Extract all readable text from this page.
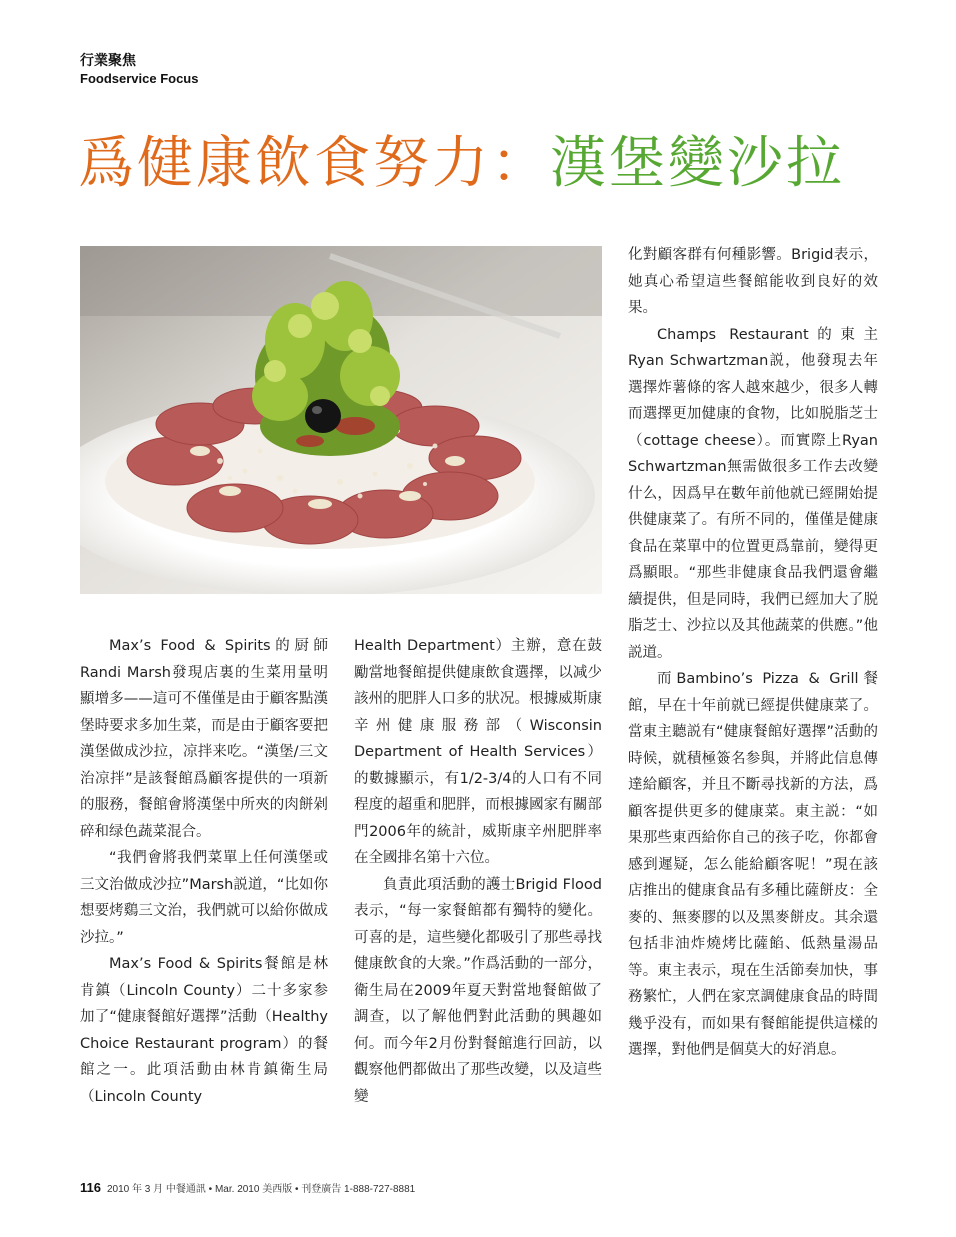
行業聚焦
Foodservice Focus
爲健康飲食努力：漢堡變沙拉

Max’s Food & Spirits的厨師Randi Marsh發現店裏的生菜用量明顯增多——這可不僅僅是由于顧客點漢堡時要求多加生菜，而是由于顧客要把漢堡做成沙拉，凉拌来吃。“漢堡/三文治凉拌”是該餐館爲顧客提供的一項新的服務，餐館會將漢堡中所夾的肉餅剁碎和绿色蔬菜混合。

“我們會將我們菜單上任何漢堡或三文治做成沙拉”Marsh説道，“比如你想要烤鷄三文治，我們就可以給你做成沙拉。”

Max’s Food & Spirits餐館是林肯鎮（Lincoln County）二十多家参加了“健康餐館好選擇”活動（Healthy Choice Restaurant program）的餐館之一。此項活動由林肯鎮衛生局（Lincoln County

Health Department）主辦，意在鼓勵當地餐館提供健康飲食選擇，以减少該州的肥胖人口多的狀况。根據威斯康辛州健康服務部（Wisconsin Department of Health Services）的數據顯示，有1/2-3/4的人口有不同程度的超重和肥胖，而根據國家有關部門2006年的統計，威斯康辛州肥胖率在全國排名第十六位。

負責此項活動的護士Brigid Flood表示，“每一家餐館都有獨特的變化。可喜的是，這些變化都吸引了那些尋找健康飲食的大衆。”作爲活動的一部分，衛生局在2009年夏天對當地餐館做了調查，以了解他們對此活動的興趣如何。而今年2月份對餐館進行回訪，以觀察他們都做出了那些改變，以及這些變

化對顧客群有何種影響。Brigid表示，她真心希望這些餐館能收到良好的效果。

Champs Restaurant的東主Ryan Schwartzman説，他發現去年選擇炸薯條的客人越來越少，很多人轉而選擇更加健康的食物，比如脱脂芝士（cottage cheese）。而實際上Ryan Schwartzman無需做很多工作去改變什么，因爲早在數年前他就已經開始提供健康菜了。有所不同的，僅僅是健康食品在菜單中的位置更爲靠前，變得更爲顯眼。“那些非健康食品我們還會繼續提供，但是同時，我們已經加大了脱脂芝士、沙拉以及其他蔬菜的供應。”他説道。

而Bambino’s Pizza & Grill餐館，早在十年前就已經提供健康菜了。當東主聽説有“健康餐館好選擇”活動的時候，就積極簽名参與，并將此信息傳達給顧客，并且不斷尋找新的方法，爲顧客提供更多的健康菜。東主説：“如果那些東西給你自己的孩子吃，你都會感到遲疑，怎么能給顧客呢！”現在該店推出的健康食品有多種比薩餅皮：全麥的、無麥膠的以及黑麥餅皮。其余還包括非油炸燒烤比薩餡、低熱量湯品等。東主表示，現在生活節奏加快，事務繁忙，人們在家烹調健康食品的時間幾乎没有，而如果有餐館能提供這樣的選擇，對他們是個莫大的好消息。

116 2010 年 3 月 中餐通訊 • Mar. 2010 美西版 • 刊登廣告 1-888-727-8881
